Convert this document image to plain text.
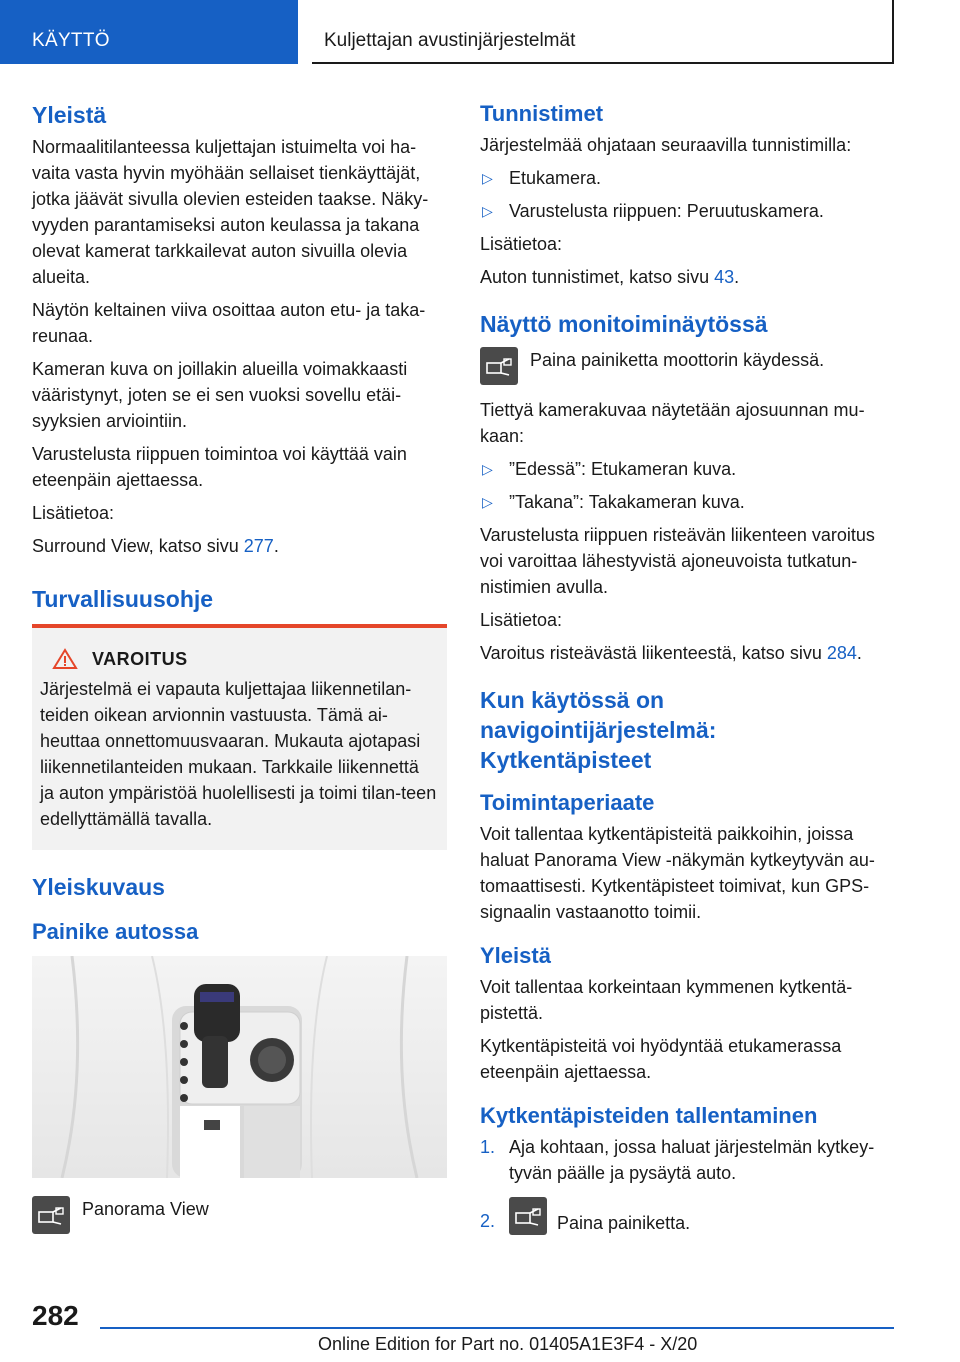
KÄYTTÖ	Kuljettajan avustinjärjestelmät
Yleistä

Normaalitilanteessa kuljettajan istuimelta voi ha-vaita vasta hyvin myöhään sellaiset tienkäyttäjät, jotka jäävät sivulla olevien esteiden taakse. Näky-vyyden parantamiseksi auton keulassa ja takana olevat kamerat tarkkailevat auton sivuilla olevia alueita.

Näytön keltainen viiva osoittaa auton etu- ja taka-reunaa.

Kameran kuva on joillakin alueilla voimakkaasti vääristynyt, joten se ei sen vuoksi sovellu etäi-syyksien arviointiin.

Varustelusta riippuen toimintoa voi käyttää vain eteenpäin ajettaessa.

Lisätietoa:

Surround View, katso sivu 277.

Turvallisuusohje
VAROITUS

Järjestelmä ei vapauta kuljettajaa liikennetilan-teiden oikean arvionnin vastuusta. Tämä ai-heuttaa onnettomuusvaaran. Mukauta ajotapasi liikennetilanteiden mukaan. Tarkkaile liikennettä ja auton ympäristöä huolellisesti ja toimi tilan-teen edellyttämällä tavalla.

Yleiskuvaus
Painike autossa

Panorama View

Tunnistimet

Järjestelmää ohjataan seuraavilla tunnistimilla:

▷ Etukamera.
▷ Varustelusta riippuen: Peruutuskamera.

Lisätietoa:

Auton tunnistimet, katso sivu 43.

Näyttö monitoiminäytössä

Paina painiketta moottorin käydessä.

Tiettyä kamerakuvaa näytetään ajosuunnan mu-kaan:

▷ ”Edessä”: Etukameran kuva.
▷ ”Takana”: Takakameran kuva.

Varustelusta riippuen risteävän liikenteen varoitus voi varoittaa lähestyvistä ajoneuvoista tutkatun-nistimien avulla.

Lisätietoa:

Varoitus risteävästä liikenteestä, katso sivu 284.

Kun käytössä on navigointijärjestelmä: Kytkentäpisteet
Toimintaperiaate

Voit tallentaa kytkentäpisteitä paikkoihin, joissa haluat Panorama View -näkymän kytkeytyvän au-tomaattisesti. Kytkentäpisteet toimivat, kun GPS-signaalin vastaanotto toimii.

Yleistä

Voit tallentaa korkeintaan kymmenen kytkentä-pistettä.

Kytkentäpisteitä voi hyödyntää etukamerassa eteenpäin ajettaessa.

Kytkentäpisteiden tallentaminen
1. Aja kohtaan, jossa haluat järjestelmän kytkey-tyvän päälle ja pysäytä auto.
2.	Paina painiketta.
282
Online Edition for Part no. 01405A1E3F4 - X/20
